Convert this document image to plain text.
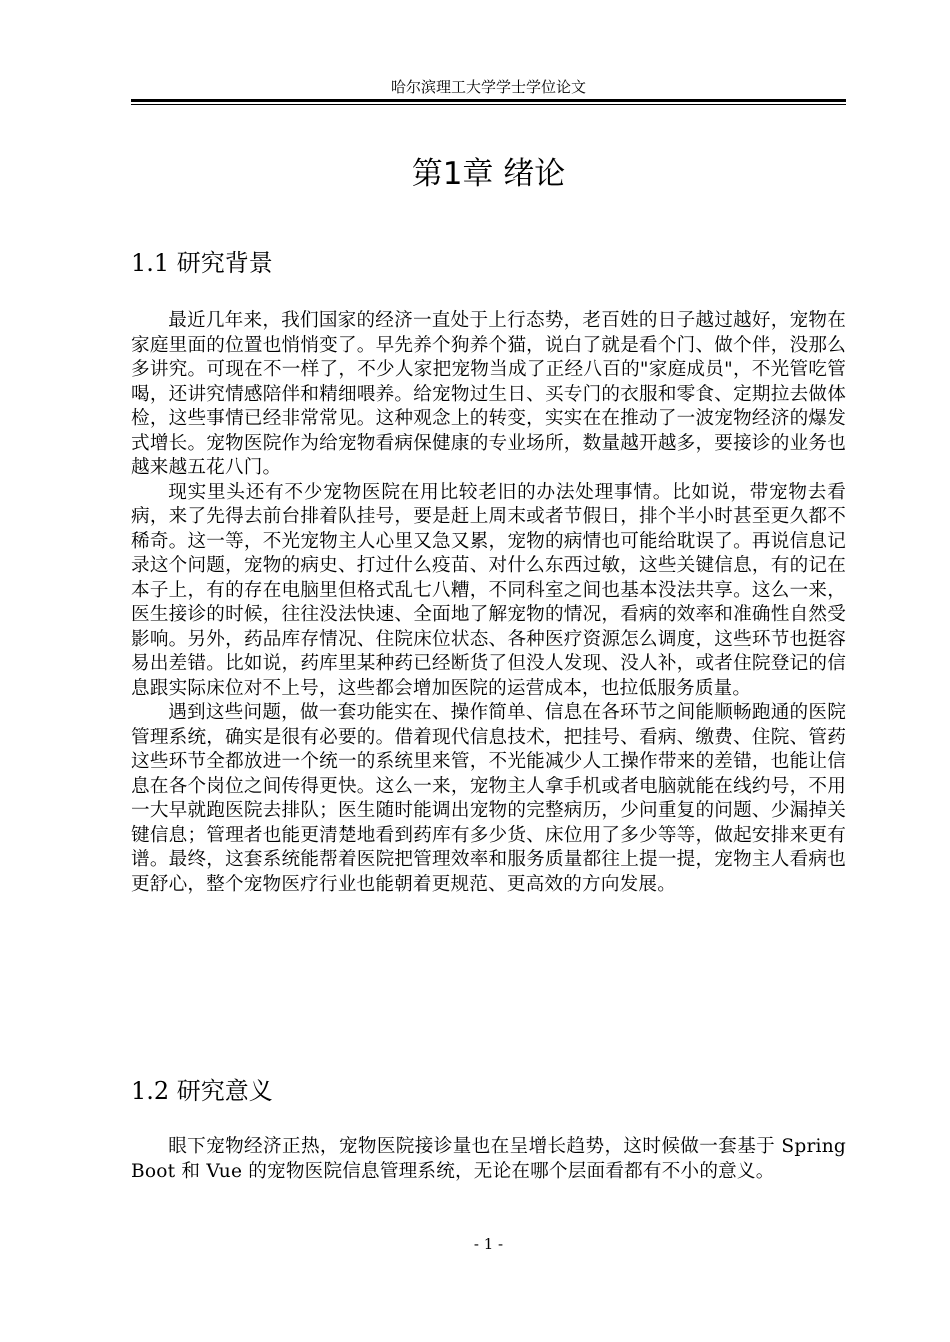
哈尔滨理工大学学士学位论文
第1章 绪论
1.1 研究背景

最近几年来，我们国家的经济一直处于上行态势，老百姓的日子越过越好，宠物在家庭里面的位置也悄悄变了。早先养个狗养个猫，说白了就是看个门、做个伴，没那么多讲究。可现在不一样了，不少人家把宠物当成了正经八百的"家庭成员"，不光管吃管喝，还讲究情感陪伴和精细喂养。给宠物过生日、买专门的衣服和零食、定期拉去做体检，这些事情已经非常常见。这种观念上的转变，实实在在推动了一波宠物经济的爆发式增长。宠物医院作为给宠物看病保健康的专业场所，数量越开越多，要接诊的业务也越来越五花八门。

现实里头还有不少宠物医院在用比较老旧的办法处理事情。比如说，带宠物去看病，来了先得去前台排着队挂号，要是赶上周末或者节假日，排个半小时甚至更久都不稀奇。这一等，不光宠物主人心里又急又累，宠物的病情也可能给耽误了。再说信息记录这个问题，宠物的病史、打过什么疫苗、对什么东西过敏，这些关键信息，有的记在本子上，有的存在电脑里但格式乱七八糟，不同科室之间也基本没法共享。这么一来，医生接诊的时候，往往没法快速、全面地了解宠物的情况，看病的效率和准确性自然受影响。另外，药品库存情况、住院床位状态、各种医疗资源怎么调度，这些环节也挺容易出差错。比如说，药库里某种药已经断货了但没人发现、没人补，或者住院登记的信息跟实际床位对不上号，这些都会增加医院的运营成本，也拉低服务质量。

遇到这些问题，做一套功能实在、操作简单、信息在各环节之间能顺畅跑通的医院管理系统，确实是很有必要的。借着现代信息技术，把挂号、看病、缴费、住院、管药这些环节全都放进一个统一的系统里来管，不光能减少人工操作带来的差错，也能让信息在各个岗位之间传得更快。这么一来，宠物主人拿手机或者电脑就能在线约号，不用一大早就跑医院去排队；医生随时能调出宠物的完整病历，少问重复的问题、少漏掉关键信息；管理者也能更清楚地看到药库有多少货、床位用了多少等等，做起安排来更有谱。最终，这套系统能帮着医院把管理效率和服务质量都往上提一提，宠物主人看病也更舒心，整个宠物医疗行业也能朝着更规范、更高效的方向发展。

1.2 研究意义

眼下宠物经济正热，宠物医院接诊量也在呈增长趋势，这时候做一套基于 Spring Boot 和 Vue 的宠物医院信息管理系统，无论在哪个层面看都有不小的意义。

- 1 -
